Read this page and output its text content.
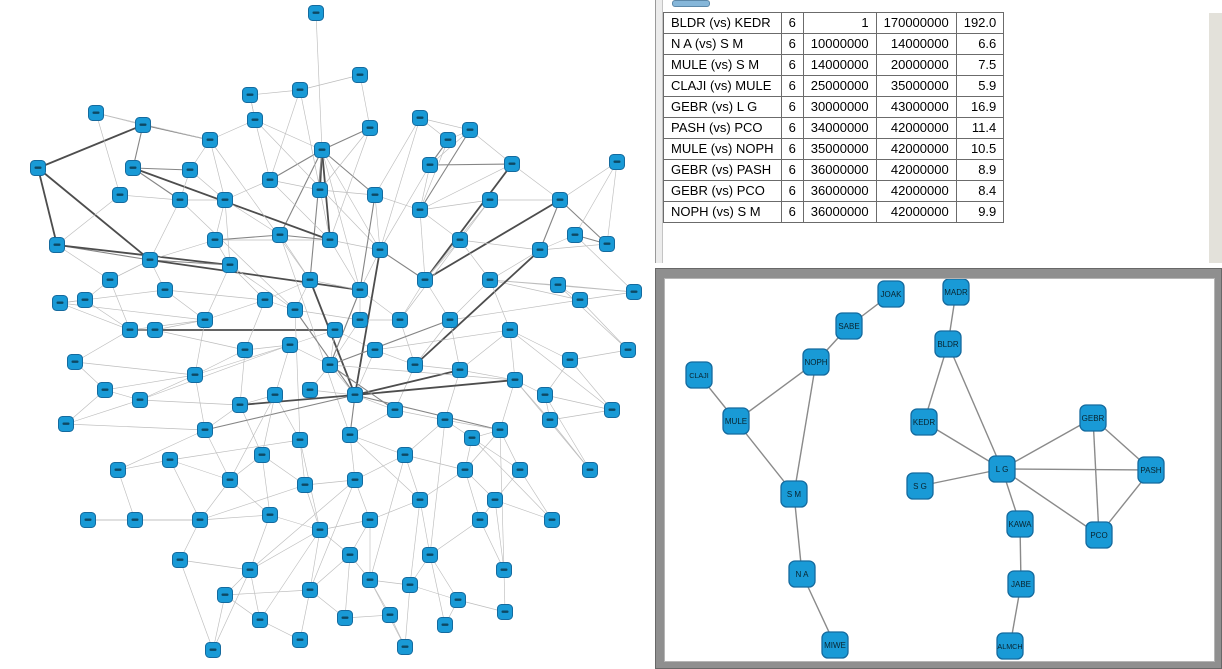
BLDR (vs) KEDR	6	1	170000000	192.0
N A (vs) S M	6	10000000	14000000	6.6
MULE (vs) S M	6	14000000	20000000	7.5
CLAJI (vs) MULE	6	25000000	35000000	5.9
GEBR (vs) L G	6	30000000	43000000	16.9
PASH (vs) PCO	6	34000000	42000000	11.4
MULE (vs) NOPH	6	35000000	42000000	10.5
GEBR (vs) PASH	6	36000000	42000000	8.9
GEBR (vs) PCO	6	36000000	42000000	8.4
NOPH (vs) S M	6	36000000	42000000	9.9
JOAK	MADR
SABE
NOPH
BLDR
CLAJI
MULE	KEDR	GEBR
L G
S G
PASH
KAWA
PCO
S M
N A
MIWE
JABE
ALMCH
